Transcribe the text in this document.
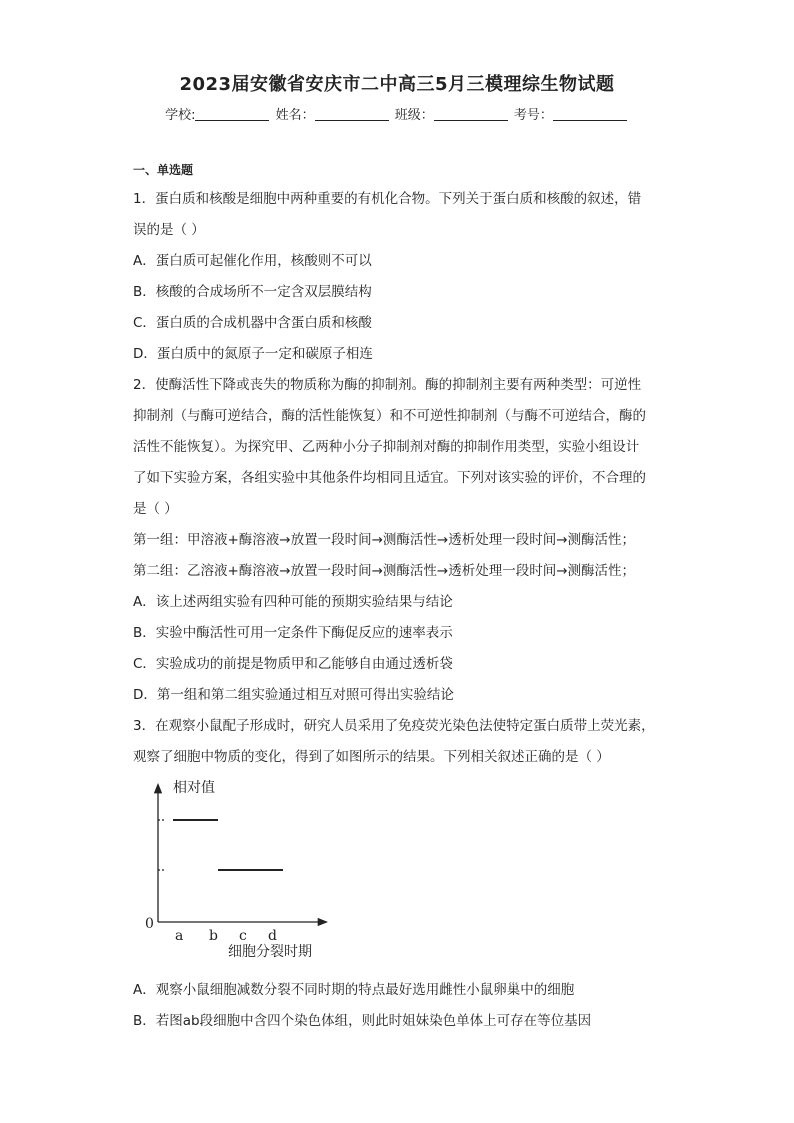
2023届安徽省安庆市二中高三5月三模理综生物试题
学校:	姓名：	班级：	考号：
一、单选题
1．蛋白质和核酸是细胞中两种重要的有机化合物。下列关于蛋白质和核酸的叙述，错
误的是（ ）
A．蛋白质可起催化作用，核酸则不可以
B．核酸的合成场所不一定含双层膜结构
C．蛋白质的合成机器中含蛋白质和核酸
D．蛋白质中的氮原子一定和碳原子相连
2．使酶活性下降或丧失的物质称为酶的抑制剂。酶的抑制剂主要有两种类型：可逆性
抑制剂（与酶可逆结合，酶的活性能恢复）和不可逆性抑制剂（与酶不可逆结合，酶的
活性不能恢复）。为探究甲、乙两种小分子抑制剂对酶的抑制作用类型，实验小组设计
了如下实验方案，各组实验中其他条件均相同且适宜。下列对该实验的评价，不合理的
是（ ）
第一组：甲溶液+酶溶液→放置一段时间→测酶活性→透析处理一段时间→测酶活性；
第二组：乙溶液+酶溶液→放置一段时间→测酶活性→透析处理一段时间→测酶活性；
A．该上述两组实验有四种可能的预期实验结果与结论
B．实验中酶活性可用一定条件下酶促反应的速率表示
C．实验成功的前提是物质甲和乙能够自由通过透析袋
D．第一组和第二组实验通过相互对照可得出实验结论
3．在观察小鼠配子形成时，研究人员采用了免疫荧光染色法使特定蛋白质带上荧光素，
观察了细胞中物质的变化，得到了如图所示的结果。下列相关叙述正确的是（ ）
相对值
0
细胞分裂时期
a b c d
A．观察小鼠细胞减数分裂不同时期的特点最好选用雌性小鼠卵巢中的细胞
B．若图ab段细胞中含四个染色体组，则此时姐妹染色单体上可存在等位基因
